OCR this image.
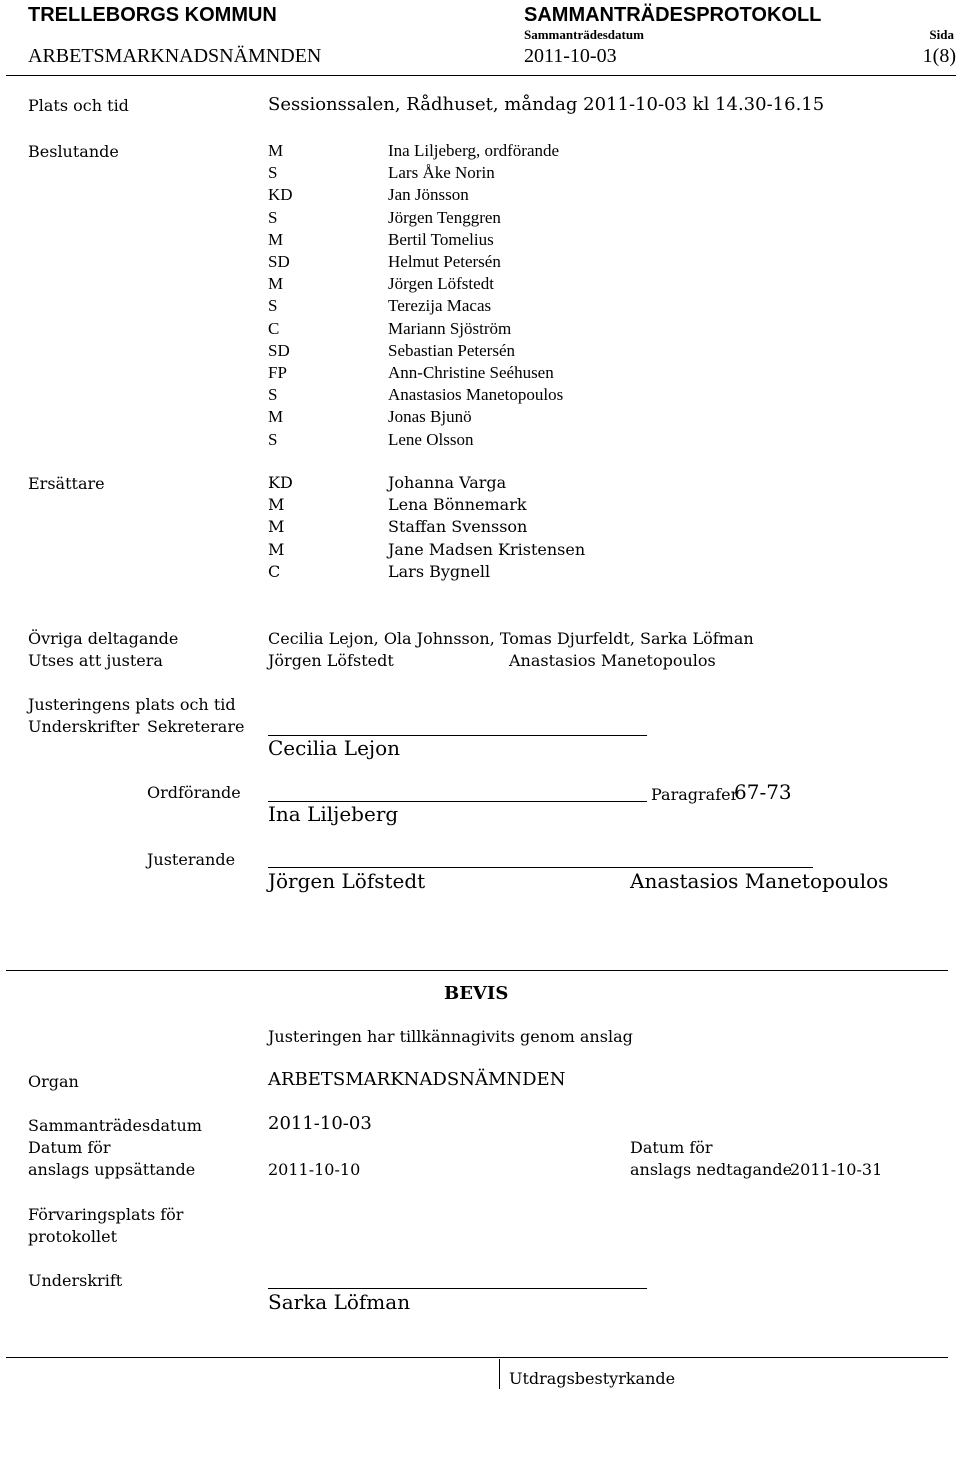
TRELLEBORGS KOMMUN
ARBETSMARKNADSNÄMNDEN
SAMMANTRÄDESPROTOKOLL
Sammanträdesdatum
2011-10-03
Sida
1(8)
Plats och tid	Sessionssalen, Rådhuset, måndag 2011-10-03 kl 14.30-16.15
Beslutande	M	Ina Liljeberg, ordförande
S	Lars Åke Norin
KD	Jan Jönsson
S	Jörgen Tenggren
M	Bertil Tomelius
SD	Helmut Petersén
M	Jörgen Löfstedt
S	Terezija Macas
C	Mariann Sjöström
SD	Sebastian Petersén
FP	Ann-Christine Seéhusen
S	Anastasios Manetopoulos
M	Jonas Bjunö
S	Lene Olsson
Ersättare	KD	Johanna Varga
M	Lena Bönnemark
M	Staffan Svensson
M	Jane Madsen Kristensen
C	Lars Bygnell
Övriga deltagande	Cecilia Lejon, Ola Johnsson, Tomas Djurfeldt, Sarka Löfman
Utses att justera	Jörgen Löfstedt	Anastasios Manetopoulos
Justeringens plats och tid
Underskrifter Sekreterare
Cecilia Lejon
Ordförande	Paragrafer
67-73
Ina Liljeberg
Justerande
Jörgen Löfstedt	Anastasios Manetopoulos
BEVIS
Justeringen har tillkännagivits genom anslag
Organ	ARBETSMARKNADSNÄMNDEN
Sammanträdesdatum	2011-10-03
Datum för
anslags uppsättande	2011-10-10
Datum för
anslags nedtagande
2011-10-31
Förvaringsplats för
protokollet
Underskrift
Sarka Löfman
Utdragsbestyrkande
